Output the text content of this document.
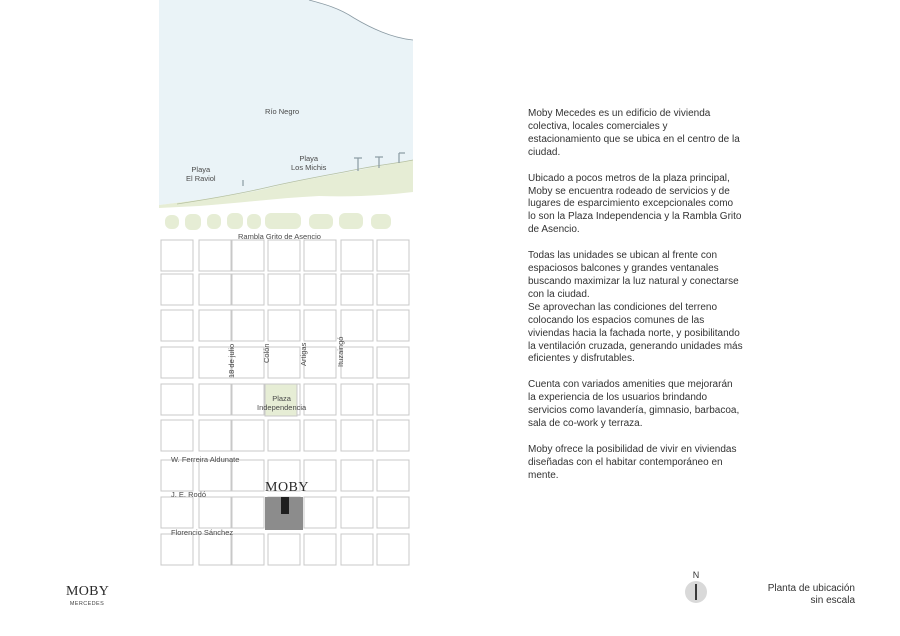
Río Negro
Playa
El Raviol
Playa
Los Michis
Rambla Grito de Asencio
18 de julio	Colón	Artigas	Ituzaingó
Plaza
Independencia
W. Ferreira Aldunate
J. E. Rodó
Florencio Sánchez
MOBY

Moby Mecedes es un edificio de vivienda colectiva, locales comerciales y estacionamiento que se ubica en el centro de la ciudad.

Ubicado a pocos metros de la plaza principal, Moby se encuentra rodeado de servicios y de lugares de esparcimiento excepcionales como lo son la Plaza Independencia y la Rambla Grito de Asencio.

Todas las unidades se ubican al frente con espaciosos balcones y grandes ventanales buscando maximizar la luz natural y conectarse con la ciudad.
Se aprovechan las condiciones del terreno colocando los espacios comunes de las viviendas hacia la fachada norte, y posibilitando la ventilación cruzada, generando unidades más eficientes y disfrutables.

Cuenta con variados amenities que mejorarán la experiencia de los usuarios brindando servicios como lavandería, gimnasio, barbacoa, sala de co-work y terraza.

Moby ofrece la posibilidad de vivir en viviendas diseñadas con el habitar contemporáneo en mente.

MOBY
MERCEDES
N
Planta de ubicación
sin escala
